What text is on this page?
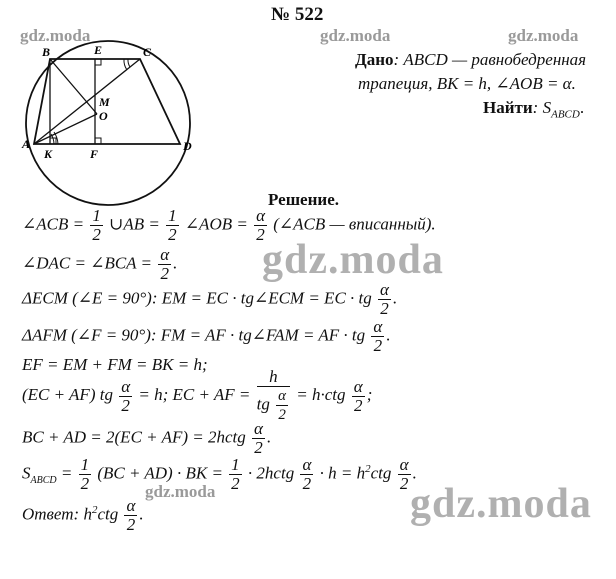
gdz.moda	gdz.moda	gdz.moda
gdz.moda
gdz.moda	gdz.moda
№ 522
Дано: ABCD — равнобедренная
трапеция, BK = h, ∠AOB = α.
Найти: $S_{ABCD}$.
B	C
E
M
O
A
K	F
D
Решение.
∠ACB = $\frac{1}{2}$ ∪AB = $\frac{1}{2}$ ∠AOB = $\frac{\alpha}{2}$ (∠ACB — вписанный).
∠DAC = ∠BCA = $\frac{\alpha}{2}$ .
ΔECM (∠E = 90°): EM = EC · tg∠ECM = EC · tg $\frac{\alpha}{2}$ .
ΔAFM (∠F = 90°): FM = AF · tg∠FAM = AF · tg $\frac{\alpha}{2}$ .
EF = EM + FM = BK = h;
(EC + AF) tg $\frac{\alpha}{2} = h$; EC + AF = $\frac{h}{tg \frac{\alpha}{2}} = h\cdot ctg \frac{\alpha}{2}$ ;
BC + AD = 2(EC + AF) = 2hctg $\frac{\alpha}{2}$ .
$S_{ABCD} = \frac{1}{2} (BC + AD)$ · BK = $\frac{1}{2}$ · 2hctg $\frac{\alpha}{2} \cdot h = h^2ctg \frac{\alpha}{2}$ .
Ответ: $h^2ctg \frac{\alpha}{2}$ .
